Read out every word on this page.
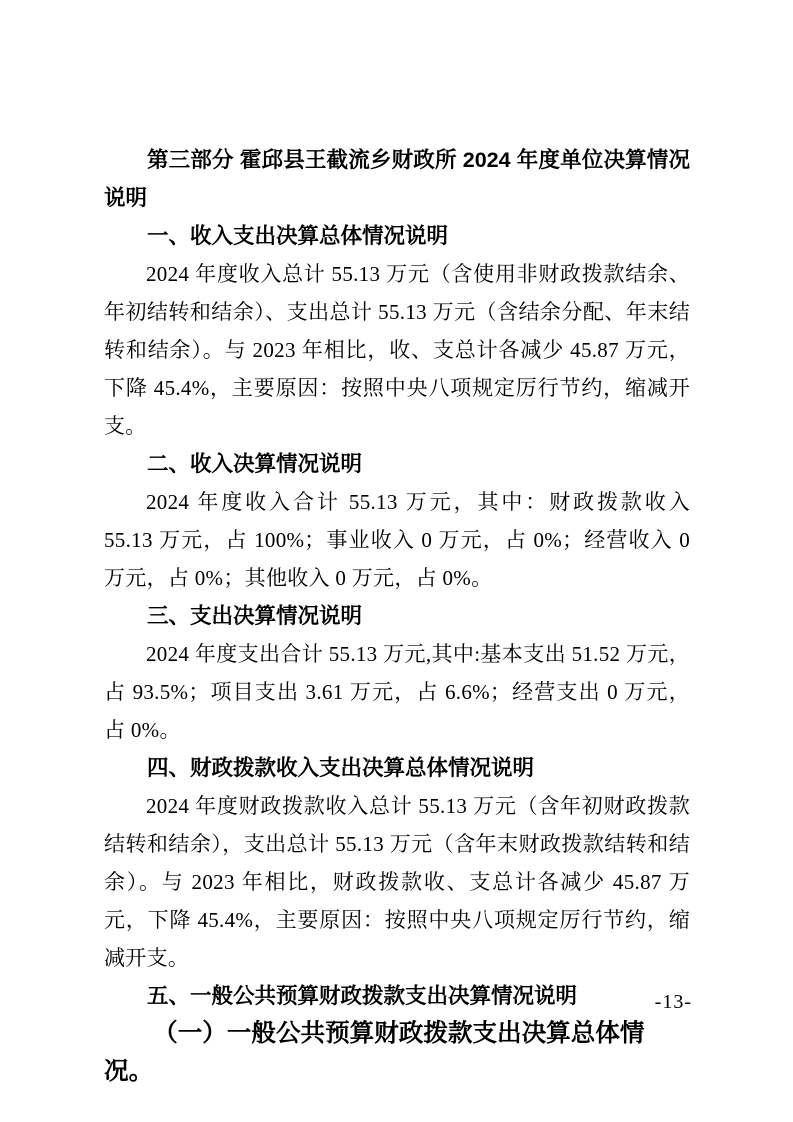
第三部分 霍邱县王截流乡财政所 2024 年度单位决算情况说明
一、收入支出决算总体情况说明

2024 年度收入总计 55.13 万元（含使用非财政拨款结余、年初结转和结余）、支出总计 55.13 万元（含结余分配、年末结转和结余）。与 2023 年相比，收、支总计各减少 45.87 万元，下降 45.4%，主要原因：按照中央八项规定厉行节约，缩减开支。

二、收入决算情况说明

2024 年度收入合计 55.13 万元，其中：财政拨款收入 55.13 万元，占 100%；事业收入 0 万元，占 0%；经营收入 0 万元，占 0%；其他收入 0 万元，占 0%。

三、支出决算情况说明

2024 年度支出合计 55.13 万元,其中:基本支出 51.52 万元，占 93.5%；项目支出 3.61 万元，占 6.6%；经营支出 0 万元，占 0%。

四、财政拨款收入支出决算总体情况说明

2024 年度财政拨款收入总计 55.13 万元（含年初财政拨款结转和结余），支出总计 55.13 万元（含年末财政拨款结转和结余）。与 2023 年相比，财政拨款收、支总计各减少 45.87 万元，下降 45.4%，主要原因：按照中央八项规定厉行节约，缩减开支。

五、一般公共预算财政拨款支出决算情况说明
（一）一般公共预算财政拨款支出决算总体情况。
-13-
